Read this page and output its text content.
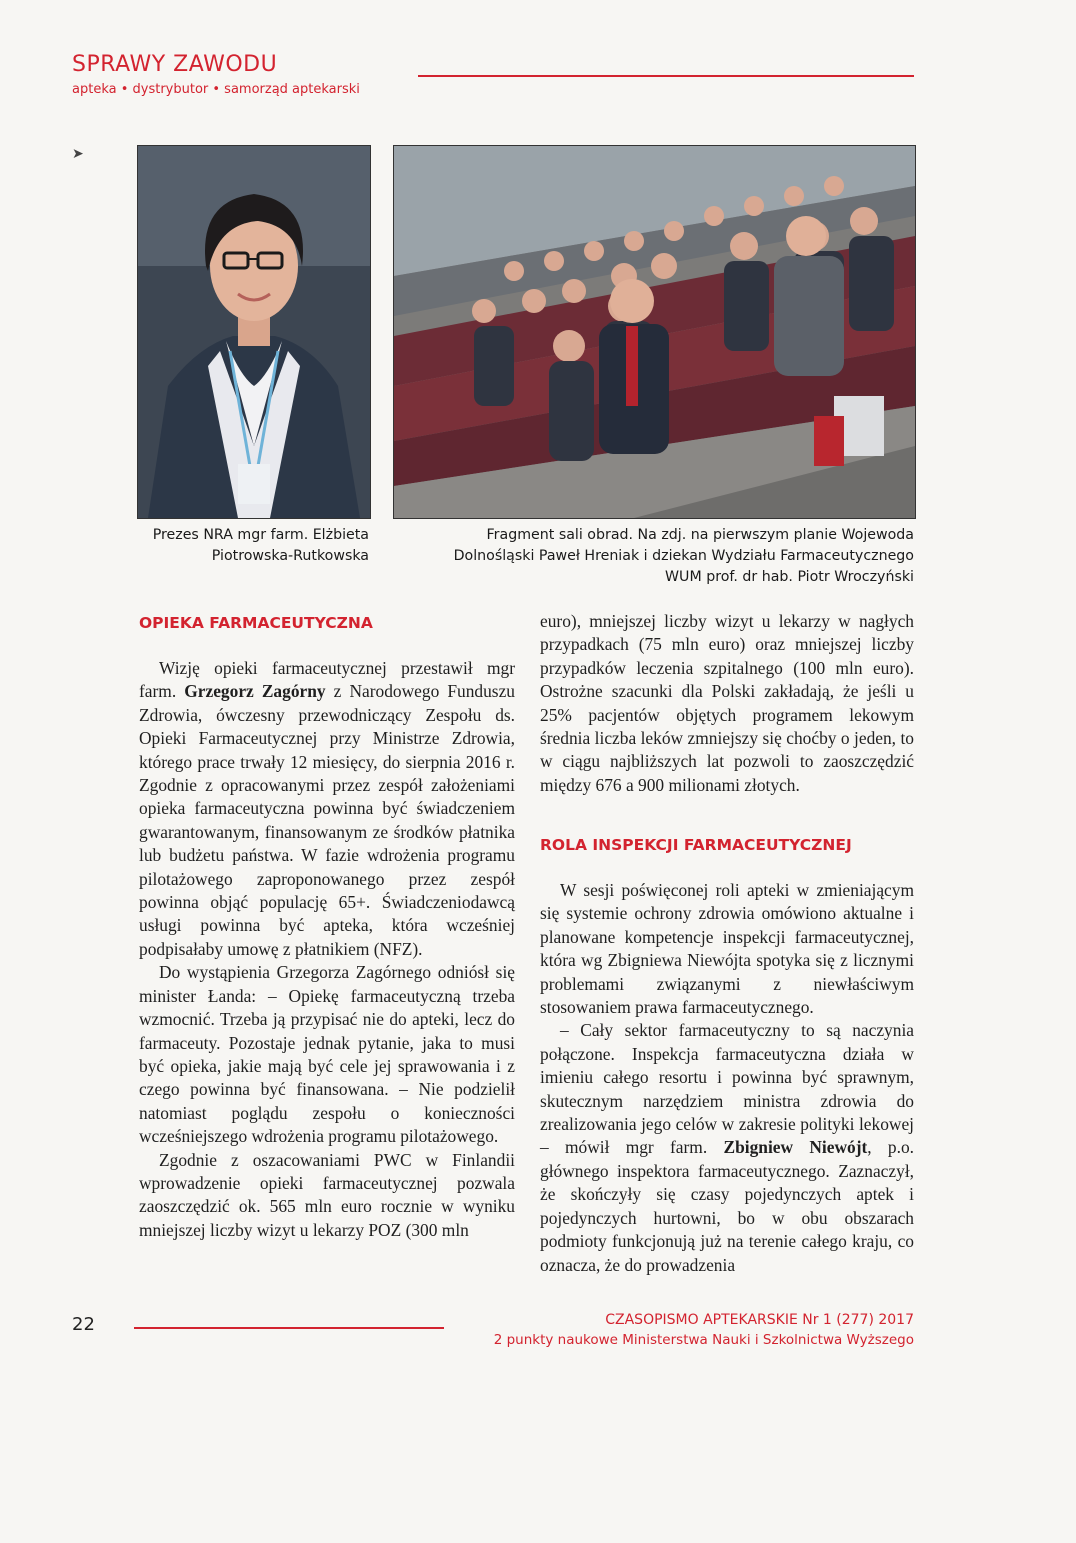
SPRAWY ZAWODU
apteka • dystrybutor • samorząd aptekarski
➤
Prezes NRA mgr farm. Elżbieta Piotrowska-Rutkowska
Fragment sali obrad. Na zdj. na pierwszym planie Wojewoda Dolnośląski Paweł Hreniak i dziekan Wydziału Farmaceutycznego WUM prof. dr hab. Piotr Wroczyński
OPIEKA FARMACEUTYCZNA

Wizję opieki farmaceutycznej przestawił mgr farm. Grzegorz Zagórny z Narodowego Funduszu Zdrowia, ówczesny przewodniczący Zespołu ds. Opieki Farmaceutycznej przy Ministrze Zdrowia, którego prace trwały 12 miesięcy, do sierpnia 2016 r. Zgodnie z opracowanymi przez zespół założeniami opieka farmaceutyczna powinna być świadczeniem gwarantowanym, finansowanym ze środków płatnika lub budżetu państwa. W fazie wdrożenia programu pilotażowego zaproponowanego przez zespół powinna objąć populację 65+. Świadczeniodawcą usługi powinna być apteka, która wcześniej podpisałaby umowę z płatnikiem (NFZ).

Do wystąpienia Grzegorza Zagórnego odniósł się minister Łanda: – Opiekę farmaceutyczną trzeba wzmocnić. Trzeba ją przypisać nie do apteki, lecz do farmaceuty. Pozostaje jednak pytanie, jaka to musi być opieka, jakie mają być cele jej sprawowania i z czego powinna być finansowana. – Nie podzielił natomiast poglądu zespołu o konieczności wcześniejszego wdrożenia programu pilotażowego.

Zgodnie z oszacowaniami PWC w Finlandii wprowadzenie opieki farmaceutycznej pozwala zaoszczędzić ok. 565 mln euro rocznie w wyniku mniejszej liczby wizyt u lekarzy POZ (300 mln

euro), mniejszej liczby wizyt u lekarzy w nagłych przypadkach (75 mln euro) oraz mniejszej liczby przypadków leczenia szpitalnego (100 mln euro). Ostrożne szacunki dla Polski zakładają, że jeśli u 25% pacjentów objętych programem lekowym średnia liczba leków zmniejszy się choćby o jeden, to w ciągu najbliższych lat pozwoli to zaoszczędzić między 676 a 900 milionami złotych.

ROLA INSPEKCJI FARMACEUTYCZNEJ

W sesji poświęconej roli apteki w zmieniającym się systemie ochrony zdrowia omówiono aktualne i planowane kompetencje inspekcji farmaceutycznej, która wg Zbigniewa Niewójta spotyka się z licznymi problemami związanymi z niewłaściwym stosowaniem prawa farmaceutycznego.

– Cały sektor farmaceutyczny to są naczynia połączone. Inspekcja farmaceutyczna działa w imieniu całego resortu i powinna być sprawnym, skutecznym narzędziem ministra zdrowia do zrealizowania jego celów w zakresie polityki lekowej – mówił mgr farm. Zbigniew Niewójt, p.o. głównego inspektora farmaceutycznego. Zaznaczył, że skończyły się czasy pojedynczych aptek i pojedynczych hurtowni, bo w obu obszarach podmioty funkcjonują już na terenie całego kraju, co oznacza, że do prowadzenia

22	CZASOPISMO APTEKARSKIE Nr 1 (277) 2017
2 punkty naukowe Ministerstwa Nauki i Szkolnictwa Wyższego
